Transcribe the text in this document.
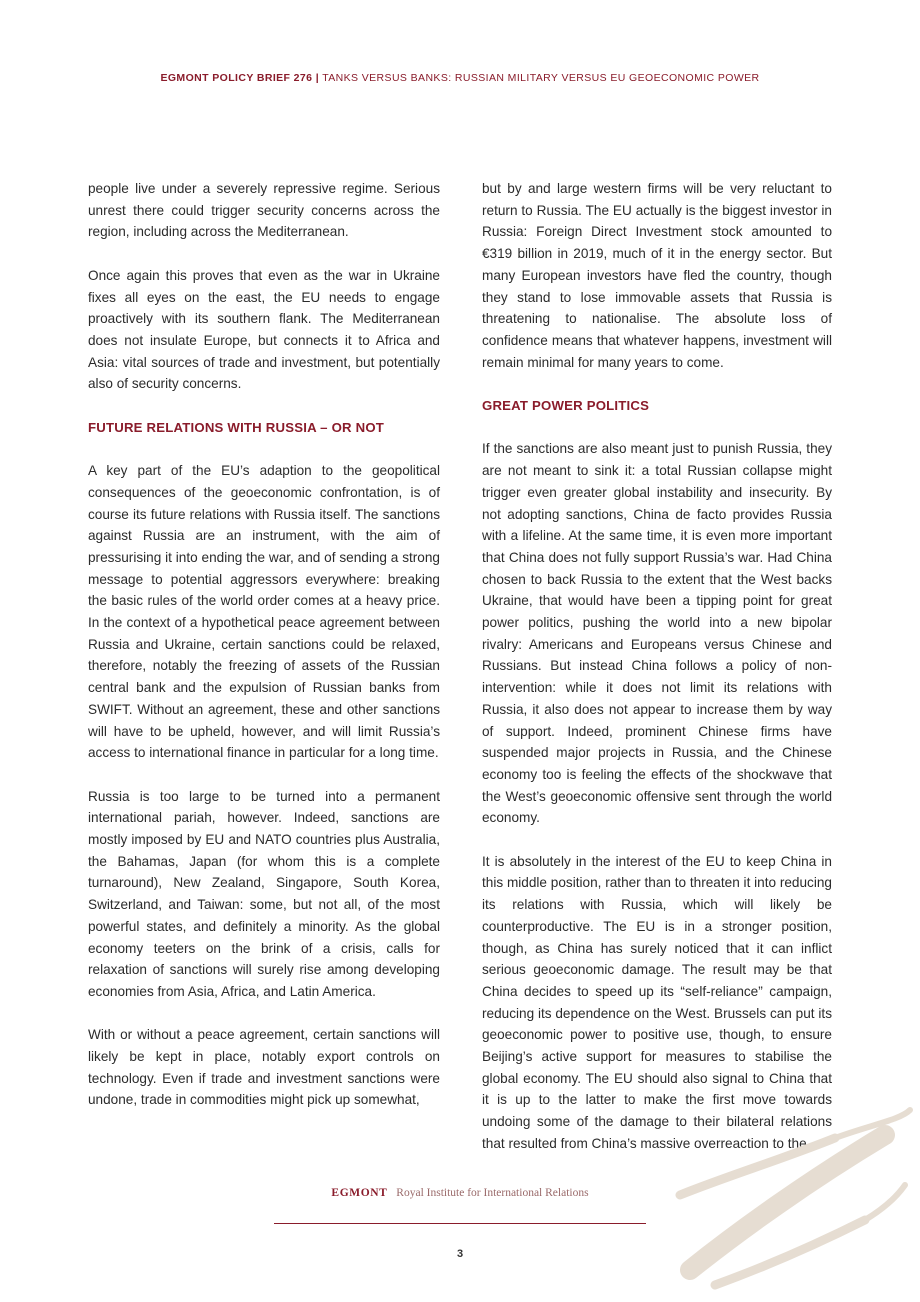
EGMONT POLICY BRIEF 276 | TANKS VERSUS BANKS: RUSSIAN MILITARY VERSUS EU GEOECONOMIC POWER

people live under a severely repressive regime. Serious unrest there could trigger security concerns across the region, including across the Mediterranean.

Once again this proves that even as the war in Ukraine fixes all eyes on the east, the EU needs to engage proactively with its southern flank. The Mediterranean does not insulate Europe, but connects it to Africa and Asia: vital sources of trade and investment, but potentially also of security concerns.

FUTURE RELATIONS WITH RUSSIA – OR NOT

A key part of the EU’s adaption to the geopolitical consequences of the geoeconomic confrontation, is of course its future relations with Russia itself. The sanctions against Russia are an instrument, with the aim of pressurising it into ending the war, and of sending a strong message to potential aggressors everywhere: breaking the basic rules of the world order comes at a heavy price. In the context of a hypothetical peace agreement between Russia and Ukraine, certain sanctions could be relaxed, therefore, notably the freezing of assets of the Russian central bank and the expulsion of Russian banks from SWIFT. Without an agreement, these and other sanctions will have to be upheld, however, and will limit Russia’s access to international finance in particular for a long time.

Russia is too large to be turned into a permanent international pariah, however. Indeed, sanctions are mostly imposed by EU and NATO countries plus Australia, the Bahamas, Japan (for whom this is a complete turnaround), New Zealand, Singapore, South Korea, Switzerland, and Taiwan: some, but not all, of the most powerful states, and definitely a minority. As the global economy teeters on the brink of a crisis, calls for relaxation of sanctions will surely rise among developing economies from Asia, Africa, and Latin America.

With or without a peace agreement, certain sanctions will likely be kept in place, notably export controls on technology. Even if trade and investment sanctions were undone, trade in commodities might pick up somewhat,

but by and large western firms will be very reluctant to return to Russia. The EU actually is the biggest investor in Russia: Foreign Direct Investment stock amounted to €319 billion in 2019, much of it in the energy sector. But many European investors have fled the country, though they stand to lose immovable assets that Russia is threatening to nationalise. The absolute loss of confidence means that whatever happens, investment will remain minimal for many years to come.

GREAT POWER POLITICS

If the sanctions are also meant just to punish Russia, they are not meant to sink it: a total Russian collapse might trigger even greater global instability and insecurity. By not adopting sanctions, China de facto provides Russia with a lifeline. At the same time, it is even more important that China does not fully support Russia’s war. Had China chosen to back Russia to the extent that the West backs Ukraine, that would have been a tipping point for great power politics, pushing the world into a new bipolar rivalry: Americans and Europeans versus Chinese and Russians. But instead China follows a policy of non-intervention: while it does not limit its relations with Russia, it also does not appear to increase them by way of support. Indeed, prominent Chinese firms have suspended major projects in Russia, and the Chinese economy too is feeling the effects of the shockwave that the West’s geoeconomic offensive sent through the world economy.

It is absolutely in the interest of the EU to keep China in this middle position, rather than to threaten it into reducing its relations with Russia, which will likely be counterproductive. The EU is in a stronger position, though, as China has surely noticed that it can inflict serious geoeconomic damage. The result may be that China decides to speed up its “self-reliance” campaign, reducing its dependence on the West. Brussels can put its geoeconomic power to positive use, though, to ensure Beijing’s active support for measures to stabilise the global economy. The EU should also signal to China that it is up to the latter to make the first move towards undoing some of the damage to their bilateral relations that resulted from China’s massive overreaction to the

EGMONT Royal Institute for International Relations
3
